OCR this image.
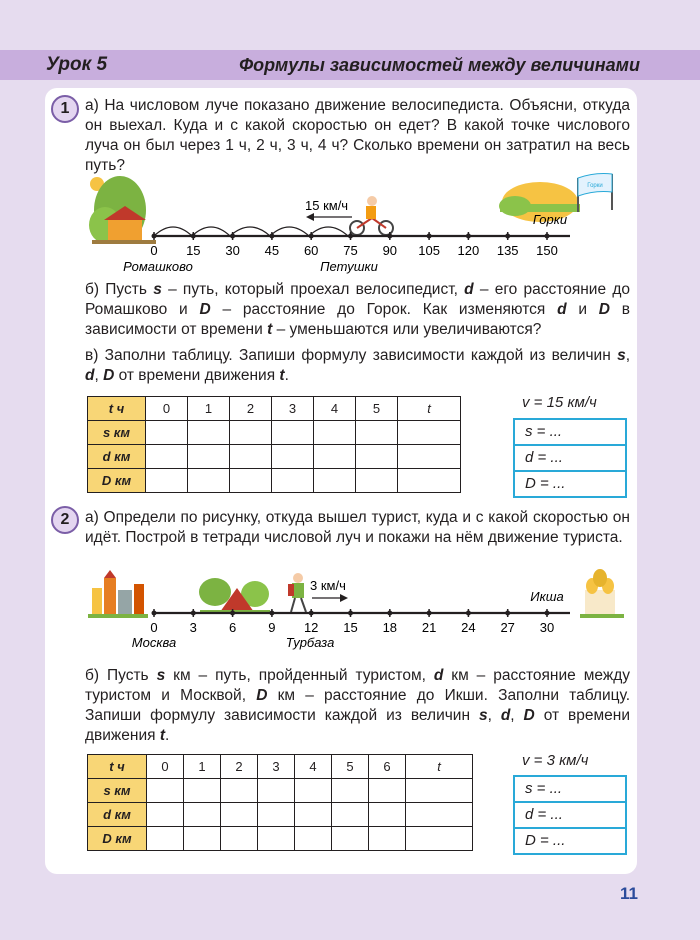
Урок 5	Формулы зависимостей между величинами
1	а) На числовом луче показано движение велосипедиста. Объясни, откуда он выехал. Куда и с какой скоростью он едет? В какой точке числового луча он был через 1 ч, 2 ч, 3 ч, 4 ч? Сколько времени он затратил на весь путь?
Горки
15 км/ч
0 15 30 45 60 75 90 105 120 135 150
Горки
Ромашково	Петушки
б) Пусть s – путь, который проехал велосипедист, d – его расстояние до Ромашково и D – расстояние до Горок. Как изменяются d и D в зависимости от времени t – уменьшаются или увеличиваются?
в) Заполни таблицу. Запиши формулу зависимости каждой из величин s, d, D от времени движения t.
t ч	0	1	2	3	4	5	t
s км							
d км							
D км							
v = 15 км/ч
s = ...
d = ...
D = ...
2	а) Определи по рисунку, откуда вышел турист, куда и с какой скоростью он идёт. Построй в тетради числовой луч и покажи на нём движение туриста.
3 км/ч
0 3 6 9 12 15 18 21 24 27 30
Икша
Москва	Турбаза
б) Пусть s км – путь, пройденный туристом, d км – расстояние между туристом и Москвой, D км – расстояние до Икши. Заполни таблицу. Запиши формулу зависимости каждой из величин s, d, D от времени движения t.
t ч	0	1	2	3	4	5	6	t
s км								
d км								
D км								
v = 3 км/ч
s = ...
d = ...
D = ...
11
